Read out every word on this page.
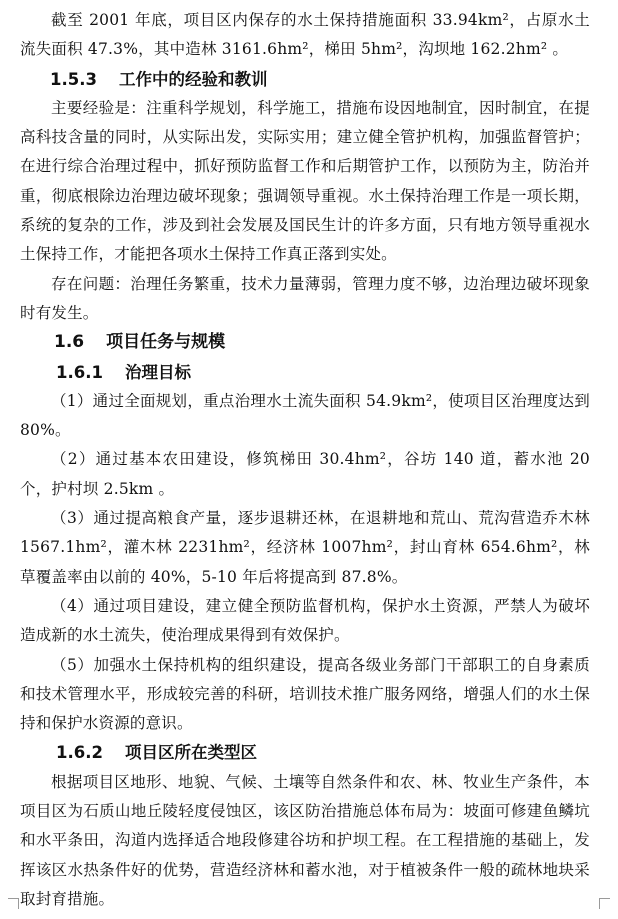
截至 2001 年底，项目区内保存的水土保持措施面积 33.94km²，占原水土流失面积 47.3%，其中造林 3161.6hm²，梯田 5hm²，沟坝地 162.2hm² 。

1.5.3 工作中的经验和教训

主要经验是：注重科学规划，科学施工，措施布设因地制宜，因时制宜，在提高科技含量的同时，从实际出发，实际实用；建立健全管护机构，加强监督管护；在进行综合治理过程中，抓好预防监督工作和后期管护工作，以预防为主，防治并重，彻底根除边治理边破坏现象；强调领导重视。水土保持治理工作是一项长期，系统的复杂的工作，涉及到社会发展及国民生计的许多方面，只有地方领导重视水土保持工作，才能把各项水土保持工作真正落到实处。

存在问题：治理任务繁重，技术力量薄弱，管理力度不够，边治理边破坏现象时有发生。

1.6 项目任务与规模
1.6.1 治理目标

（1）通过全面规划，重点治理水土流失面积 54.9km²，使项目区治理度达到 80%。

（2）通过基本农田建设，修筑梯田 30.4hm²，谷坊 140 道，蓄水池 20 个，护村坝 2.5km 。

（3）通过提高粮食产量，逐步退耕还林，在退耕地和荒山、荒沟营造乔木林 1567.1hm²，灌木林 2231hm²，经济林 1007hm²，封山育林 654.6hm²，林草覆盖率由以前的 40%，5-10 年后将提高到 87.8%。

（4）通过项目建设，建立健全预防监督机构，保护水土资源，严禁人为破坏造成新的水土流失，使治理成果得到有效保护。

（5）加强水土保持机构的组织建设，提高各级业务部门干部职工的自身素质和技术管理水平，形成较完善的科研，培训技术推广服务网络，增强人们的水土保持和保护水资源的意识。

1.6.2 项目区所在类型区

根据项目区地形、地貌、气候、土壤等自然条件和农、林、牧业生产条件，本项目区为石质山地丘陵轻度侵蚀区，该区防治措施总体布局为：坡面可修建鱼鳞坑和水平条田，沟道内选择适合地段修建谷坊和护坝工程。在工程措施的基础上，发挥该区水热条件好的优势，营造经济林和蓄水池，对于植被条件一般的疏林地块采取封育措施。
